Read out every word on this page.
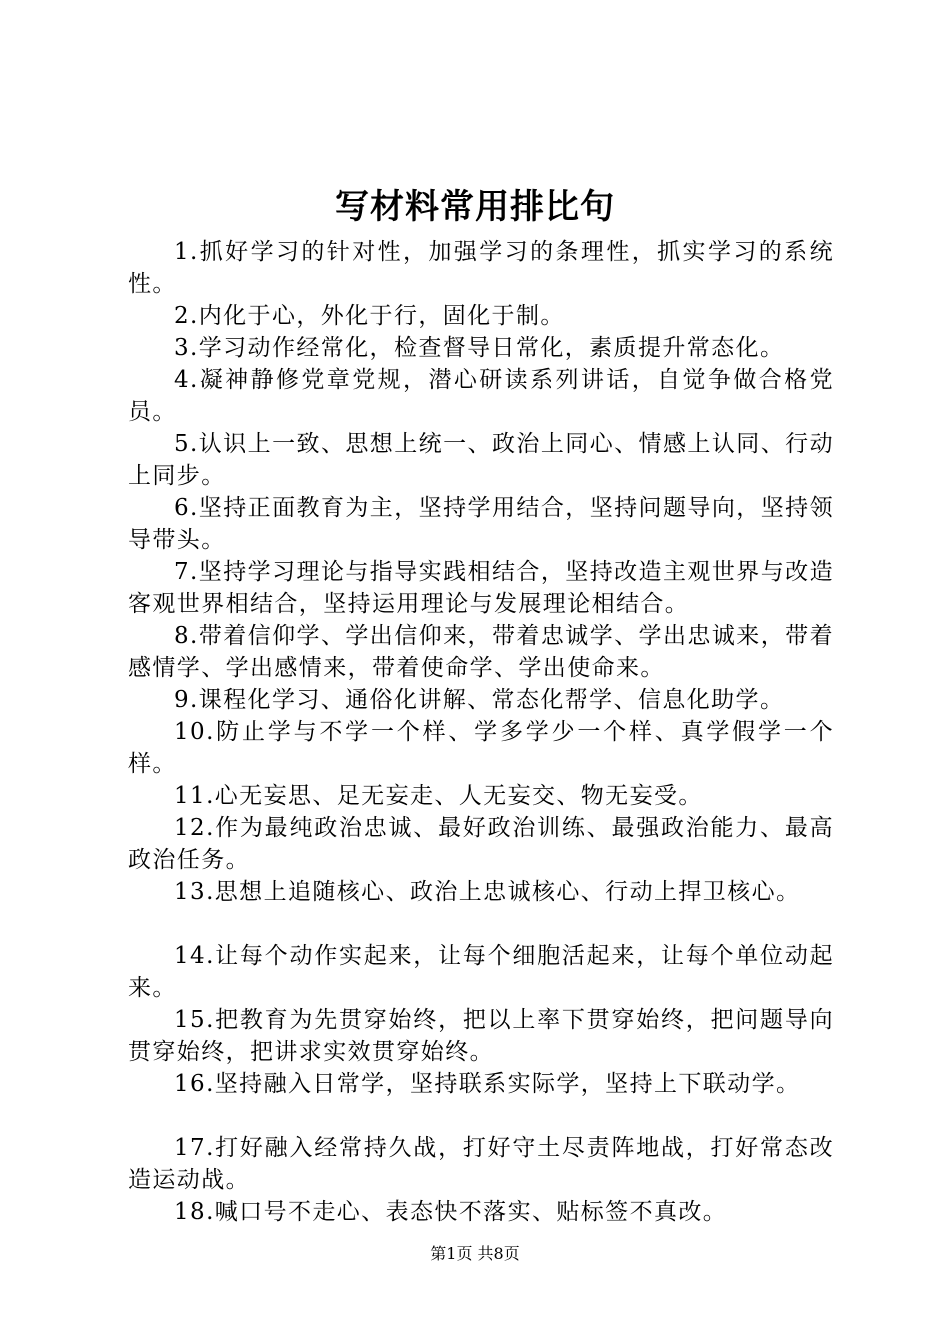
写材料常用排比句

1.抓好学习的针对性，加强学习的条理性，抓实学习的系统性。

2.内化于心，外化于行，固化于制。

3.学习动作经常化，检查督导日常化，素质提升常态化。

4.凝神静修党章党规，潜心研读系列讲话，自觉争做合格党员。

5.认识上一致、思想上统一、政治上同心、情感上认同、行动上同步。

6.坚持正面教育为主，坚持学用结合，坚持问题导向，坚持领导带头。

7.坚持学习理论与指导实践相结合，坚持改造主观世界与改造客观世界相结合，坚持运用理论与发展理论相结合。

8.带着信仰学、学出信仰来，带着忠诚学、学出忠诚来，带着感情学、学出感情来，带着使命学、学出使命来。

9.课程化学习、通俗化讲解、常态化帮学、信息化助学。

10.防止学与不学一个样、学多学少一个样、真学假学一个样。

11.心无妄思、足无妄走、人无妄交、物无妄受。

12.作为最纯政治忠诚、最好政治训练、最强政治能力、最高政治任务。

13.思想上追随核心、政治上忠诚核心、行动上捍卫核心。

14.让每个动作实起来，让每个细胞活起来，让每个单位动起来。

15.把教育为先贯穿始终，把以上率下贯穿始终，把问题导向贯穿始终，把讲求实效贯穿始终。

16.坚持融入日常学，坚持联系实际学，坚持上下联动学。

17.打好融入经常持久战，打好守土尽责阵地战，打好常态改造运动战。

18.喊口号不走心、表态快不落实、贴标签不真改。

第1页 共8页
